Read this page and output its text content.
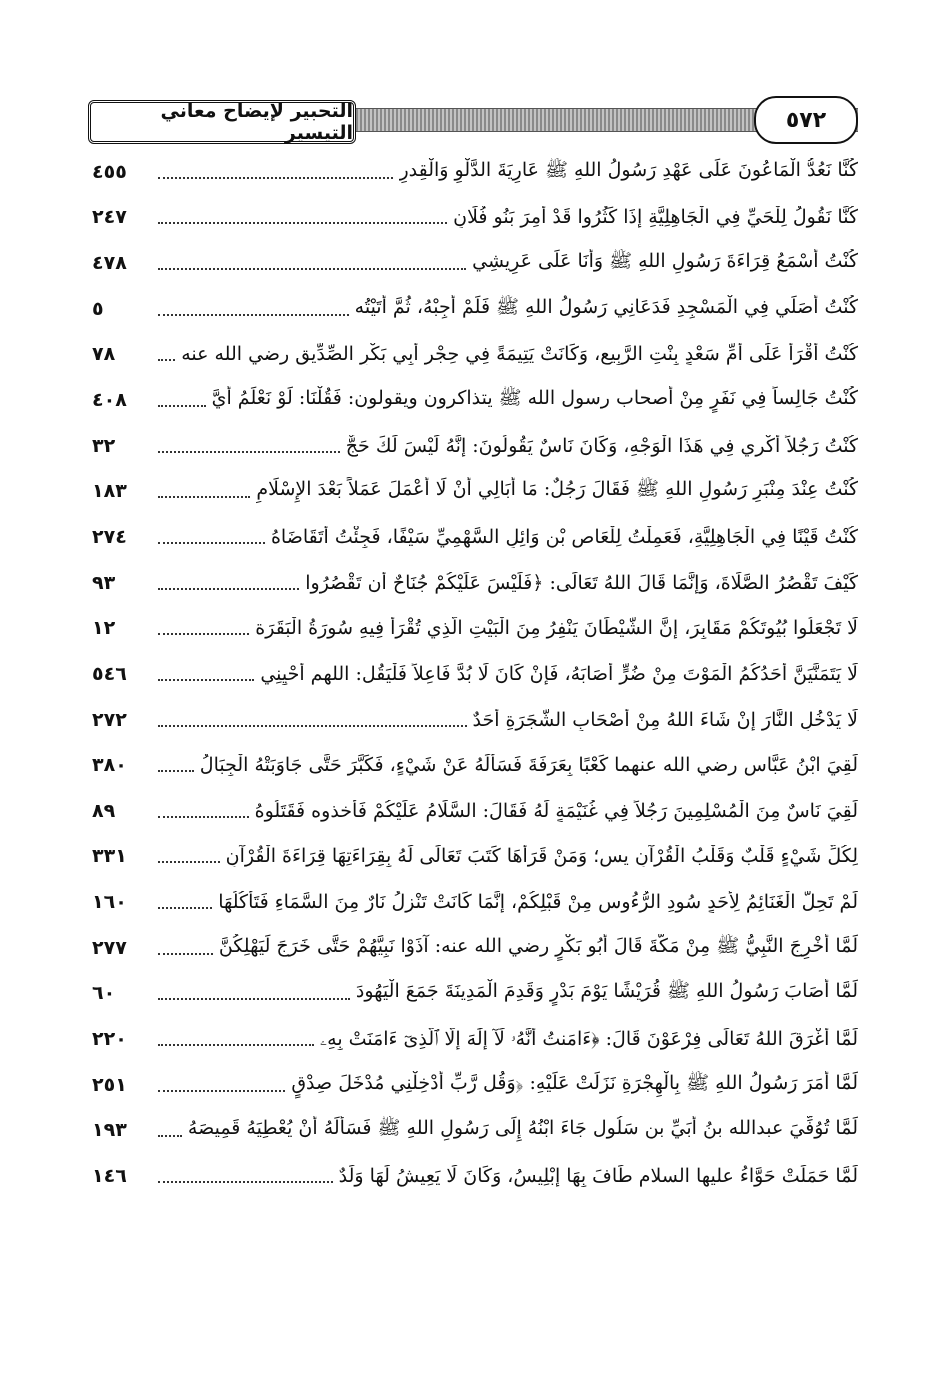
التحبير لإيضاح معاني التيسير
٥٧٢
٤٥٥	كُنَّا نَعُدُّ الْمَاعُونَ عَلَى عَهْدِ رَسُولُ اللهِ ﷺ عَارِيَةَ الدَّلْوِ وَالْقِدرِ
٢٤٧	كُنَّا نَقُولُ لِلْحَيِّ فِي الْجَاهِلِيَّةِ إِذَا كَثُرُوا قَدْ أَمِرَ بَنُو فُلَانٍ
٤٧٨	كُنْتُ أَسْمَعُ قِرَاءَةَ رَسُولِ اللهِ ﷺ وَأَنَا عَلَى عَرِيشِي
٥	كُنْتُ أُصَلِّي فِي الْمَسْجِدِ فَدَعَانِي رَسُولُ اللهِ ﷺ فَلَمْ أُجِبْهُ، ثُمَّ أَتَيْتُه
٧٨	كُنْتُ أَقْرَأُ عَلَى أُمِّ سَعْدٍ بِنْتِ الرَّبِيعِ، وَكَانَتْ يَتِيمَةً فِي حِجْرِ أَبِي بَكْرٍ الصِّدِّيق رضي الله عنه
٤٠٨	كُنْتُ جَالِساً فِي نَفَرٍ مِنْ أصحاب رسول الله ﷺ يتذاكرون ويقولون: فَقُلْنَا: لَوْ نَعْلَمُ أَيَّ
٣٢	كُنْتُ رَجُلاً أُكْرِي فِي هَذَا الْوَجْهِ، وَكَانَ نَاسٌ يَقُولُونَ: إِنَّهُ لَيْسَ لَكَ حَجٌّ
١٨٣	كُنْتُ عِنْدَ مِنْبَرِ رَسُولِ اللهِ ﷺ فَقَالَ رَجُلٌ: مَا أُبَالِي أَنْ لَا أَعْمَلَ عَمَلاً بَعْدَ الإِسْلَامِ
٢٧٤	كُنْتُ قَيْنًا فِي الْجَاهِلِيَّةِ، فَعَمِلْتُ لِلْعَاصِ بْنِ وَائِلٍ السَّهْمِيِّ سَيْفًا، فَجِئْتُ أَتَقَاضَاهُ
٩٣	كَيْفَ تَقْصُرُ الصَّلَاةَ، وَإِنَّمَا قَالَ اللهُ تَعَالَى: ﴿فَلَيْسَ عَلَيْكُمْ جُنَاحٌ أَن تَقْصُرُوا
١٢	لَا تَجْعَلُوا بُيُوتَكُمْ مَقَابِرَ، إِنَّ الشَّيْطَانَ يَنْفِرُ مِنَ الْبَيْتِ الَّذِي تُقْرَأُ فِيهِ سُورَةُ الْبَقَرَة
٥٤٦	لَا يَتَمَنَّيَنَّ أَحَدُكُمُ الْمَوْتَ مِنْ ضُرٍّ أَصَابَهُ، فَإِنْ كَانَ لَا بُدَّ فَاعِلاً فَلْيَقُل: اللهم أَحْيِنِي
٢٧٢	لَا يَدْخُلِ النَّارَ إِنْ شَاءَ اللهُ مِنْ أَصْحَابِ الشَّجَرَةِ أَحَدٌ
٣٨٠	لَقِيَ ابْنُ عَبَّاسٍ رضي الله عنهما كَعْبًا بِعَرَفَةَ فَسَأَلَهُ عَنْ شَيْءٍ، فَكَبَّرَ حَتَّى جَاوَبَتْهُ الْجِبَالُ
٨٩	لَقِيَ نَاسٌ مِنَ الْمُسْلِمِينَ رَجُلاً فِي غُنَيْمَةٍ لَهُ فَقَالَ: السَّلَامُ عَلَيْكُمْ فَأَخذوه فَقَتَلُوهُ
٣٣١	لِكُلِّ شَيْءٍ قَلْبٌ وَقَلْبُ الْقُرْآنِ يس؛ وَمَنْ قَرَأَهَا كَتَبَ تَعَالَى لَهُ بِقِرَاءَتِهَا قِرَاءَةَ الْقُرْآنِ
١٦٠	لَمْ تَحِلَّ الْغَنَائِمُ لِأَحَدٍ سُودِ الرُّءُوسِ مِنْ قَبْلِكُمْ، إِنَّمَا كَانَتْ تَنْزِلُ نَارٌ مِنَ السَّمَاءِ فَتَأْكُلُهَا
٢٧٧	لَمَّا أُخْرِجَ النَّبِيُّ ﷺ مِنْ مَكَّةَ قَالَ أَبُو بَكْرٍ رضي الله عنه: آذَوْا نَبِيَّهُمْ حَتَّى خَرَجَ لَيَهْلِكُنَّ
٦٠	لَمَّا أَصَابَ رَسُولُ اللهِ ﷺ قُرَيْشًا يَوْمَ بَدْرٍ وَقَدِمَ الْمَدِينَةَ جَمَعَ الْيَهُودَ
٢٢٠	لَمَّا أَغْرَقَ اللهُ تَعَالَى فِرْعَوْنَ قَالَ: ﴿ءَامَنتُ أَنَّهُۥ لَآ إِلَٰهَ إِلَّا ٱلَّذِىٓ ءَامَنَتْ بِهِۦ
٢٥١	لَمَّا أَمَرَ رَسُولُ اللهِ ﷺ بِالْهِجْرَةِ نَزَلَتْ عَلَيْهِ: ﴿وَقُل رَّبِّ أَدْخِلْنِي مُدْخَلَ صِدْقٍ
١٩٣	لَمَّا تُوُفِّيَ عبدالله بنُ أُبَيِّ بن سَلُول جَاءَ ابْنُهُ إِلَى رَسُولِ اللهِ ﷺ فَسَأَلَهُ أَنْ يُعْطِيَهُ قَمِيصَهُ
١٤٦	لَمَّا حَمَلَتْ حَوَّاءُ عليها السلام طَافَ بِهَا إِبْلِيسُ، وَكَانَ لَا يَعِيشُ لَهَا وَلَدٌ
